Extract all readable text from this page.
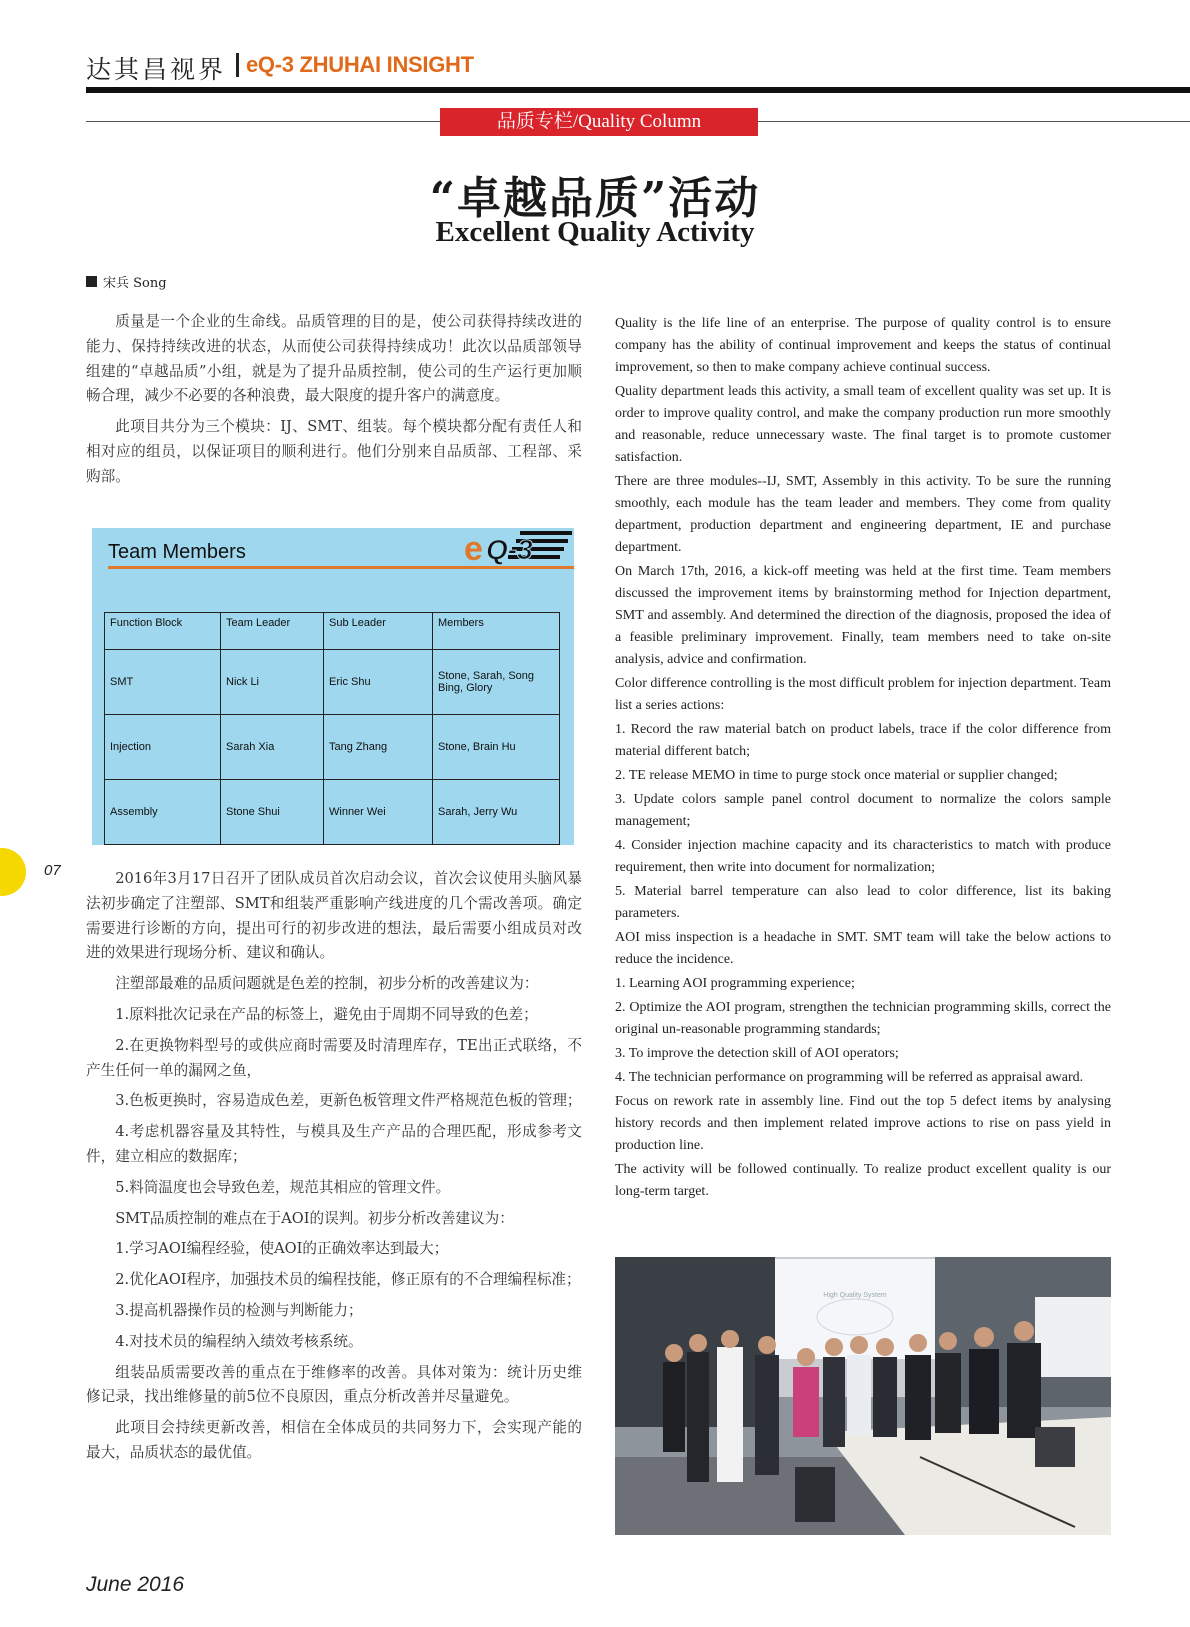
达其昌视界 eQ-3 ZHUHAI INSIGHT
品质专栏/Quality Column
“卓越品质”活动
Excellent Quality Activity
宋兵 Song

质量是一个企业的生命线。品质管理的目的是，使公司获得持续改进的能力、保持持续改进的状态，从而使公司获得持续成功！此次以品质部领导组建的“卓越品质”小组，就是为了提升品质控制，使公司的生产运行更加顺畅合理，减少不必要的各种浪费，最大限度的提升客户的满意度。

此项目共分为三个模块：IJ、SMT、组装。每个模块都分配有责任人和相对应的组员，以保证项目的顺利进行。他们分别来自品质部、工程部、采购部。

Team Members	e Q-3
Function Block	Team Leader	Sub Leader	Members
SMT	Nick Li	Eric Shu	Stone, Sarah, Song Bing, Glory
Injection	Sarah Xia	Tang Zhang	Stone, Brain Hu
Assembly	Stone Shui	Winner Wei	Sarah, Jerry Wu
07	2016年3月17日召开了团队成员首次启动会议，首次会议使用头脑风暴法初步确定了注塑部、SMT和组装严重影响产线进度的几个需改善项。确定需要进行诊断的方向，提出可行的初步改进的想法，最后需要小组成员对改进的效果进行现场分析、建议和确认。

注塑部最难的品质问题就是色差的控制，初步分析的改善建议为：

1.原料批次记录在产品的标签上，避免由于周期不同导致的色差；

2.在更换物料型号的或供应商时需要及时清理库存，TE出正式联络，不产生任何一单的漏网之鱼，

3.色板更换时，容易造成色差，更新色板管理文件严格规范色板的管理；

4.考虑机器容量及其特性，与模具及生产产品的合理匹配，形成参考文件，建立相应的数据库；

5.料筒温度也会导致色差，规范其相应的管理文件。

SMT品质控制的难点在于AOI的误判。初步分析改善建议为：

1.学习AOI编程经验，使AOI的正确效率达到最大；

2.优化AOI程序，加强技术员的编程技能，修正原有的不合理编程标准；

3.提高机器操作员的检测与判断能力；

4.对技术员的编程纳入绩效考核系统。

组装品质需要改善的重点在于维修率的改善。具体对策为：统计历史维修记录，找出维修量的前5位不良原因，重点分析改善并尽量避免。

此项目会持续更新改善，相信在全体成员的共同努力下，会实现产能的最大，品质状态的最优值。

Quality is the life line of an enterprise. The purpose of quality control is to ensure company has the ability of continual improvement and keeps the status of continual improvement, so then to make company achieve continual success.

Quality department leads this activity, a small team of excellent quality was set up. It is order to improve quality control, and make the company production run more smoothly and reasonable, reduce unnecessary waste. The final target is to promote customer satisfaction.

There are three modules--IJ, SMT, Assembly in this activity. To be sure the running smoothly, each module has the team leader and members. They come from quality department, production department and engineering department, IE and purchase department.

On March 17th, 2016, a kick-off meeting was held at the first time. Team members discussed the improvement items by brainstorming method for Injection department, SMT and assembly. And determined the direction of the diagnosis, proposed the idea of a feasible preliminary improvement. Finally, team members need to take on-site analysis, advice and confirmation.

Color difference controlling is the most difficult problem for injection department. Team list a series actions:

1. Record the raw material batch on product labels, trace if the color difference from material different batch;

2. TE release MEMO in time to purge stock once material or supplier changed;

3. Update colors sample panel control document to normalize the colors sample management;

4. Consider injection machine capacity and its characteristics to match with produce requirement, then write into document for normalization;

5. Material barrel temperature can also lead to color difference, list its baking parameters.

AOI miss inspection is a headache in SMT. SMT team will take the below actions to reduce the incidence.

1. Learning AOI programming experience;

2. Optimize the AOI program, strengthen the technician programming skills, correct the original un-reasonable programming standards;

3. To improve the detection skill of AOI operators;

4. The technician performance on programming will be referred as appraisal award.

Focus on rework rate in assembly line. Find out the top 5 defect items by analysing history records and then implement related improve actions to rise on pass yield in production line.

The activity will be followed continually. To realize product excellent quality is our long-term target.

High Quality System
June 2016
